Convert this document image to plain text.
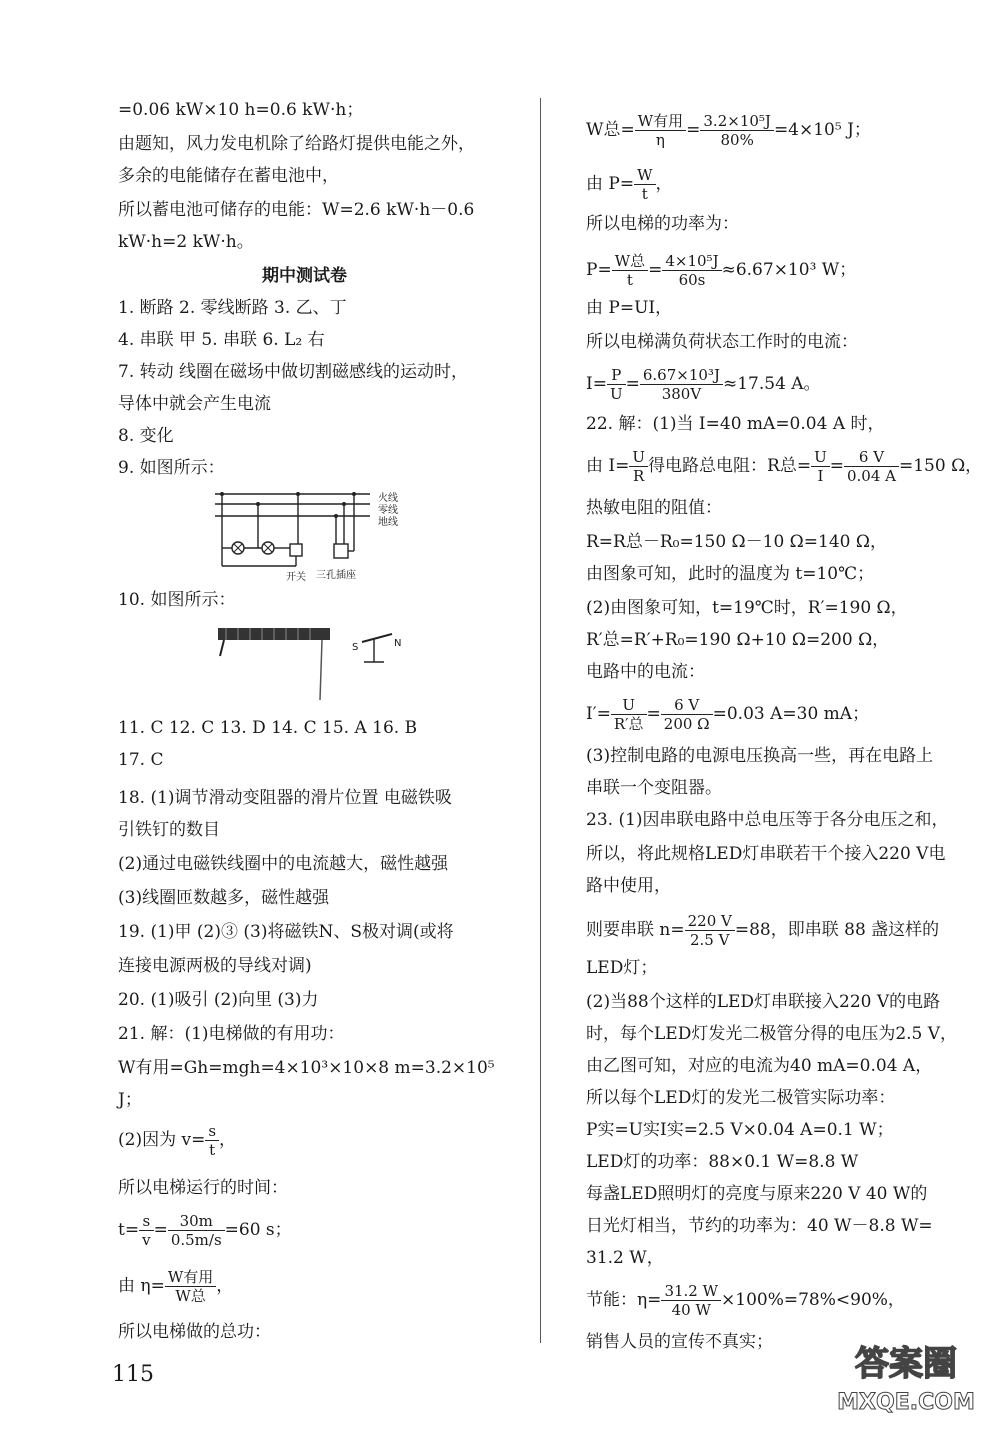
=0.06 kW×10 h=0.6 kW·h；
由题知，风力发电机除了给路灯提供电能之外，
多余的电能储存在蓄电池中，
所以蓄电池可储存的电能：W=2.6 kW·h－0.6
kW·h=2 kW·h。
期中测试卷
1. 断路 2. 零线断路 3. 乙、丁
4. 串联 甲 5. 串联 6. L₂ 右
7. 转动 线圈在磁场中做切割磁感线的运动时，
导体中就会产生电流
8. 变化
9. 如图所示：
火线
零线
地线
开关 三孔插座
10. 如图所示：
S	N
11. C 12. C 13. D 14. C 15. A 16. B
17. C
18. (1)调节滑动变阻器的滑片位置 电磁铁吸
引铁钉的数目
(2)通过电磁铁线圈中的电流越大，磁性越强
(3)线圈匝数越多，磁性越强
19. (1)甲 (2)③ (3)将磁铁N、S极对调(或将
连接电源两极的导线对调)
20. (1)吸引 (2)向里 (3)力
21. 解：(1)电梯做的有用功：
W有用=Gh=mgh=4×10³×10×8 m=3.2×10⁵
J；
(2)因为 $v= \frac{s}{t}$ ，
所以电梯运行的时间：
$t= \frac{s}{v} = \frac{30m}{0.5m/s} =60$ s；
由 $\eta= \frac{\text{W有用}}{\text{W总}}$ ，
所以电梯做的总功：
W总= $\frac{\text{W有用}}{\eta} = \frac{\text{3.2×10⁵J}}{80\%} =4\times 10^5$ J；
由 $P= \frac{W}{t}$ ，
所以电梯的功率为：
$P= \frac{\text{W总}}{t} = \frac{\text{4×10⁵J}}{60s} \approx 6.67\times 10^3$ W；
由 P=UI，
所以电梯满负荷状态工作时的电流：
$I= \frac{P}{U} = \frac{\text{6.67×10³J}}{380V} \approx 17.54$ A。
22. 解：(1)当 I=40 mA=0.04 A 时，
由 $I= \frac{U}{R}$ 得电路总电阻：R总= $\frac{U}{I} = \frac{6 V}{0.04 A} =150$ Ω，
热敏电阻的阻值：
R=R总－R₀=150 Ω－10 Ω=140 Ω，
由图象可知，此时的温度为 t=10℃；
(2)由图象可知，t=19℃时，R′=190 Ω，
R′总=R′+R₀=190 Ω+10 Ω=200 Ω，
电路中的电流：
$I'= \frac{U}{\text{R′总}} = \frac{6 V}{200 \Omega} =0.03$ A=30 mA；
(3)控制电路的电源电压换高一些，再在电路上
串联一个变阻器。
23. (1)因串联电路中总电压等于各分电压之和，
所以，将此规格LED灯串联若干个接入220 V电
路中使用，
则要串联 $n= \frac{220 V}{2.5 V} =88$，即串联 88 盏这样的
LED灯；
(2)当88个这样的LED灯串联接入220 V的电路
时，每个LED灯发光二极管分得的电压为2.5 V，
由乙图可知，对应的电流为40 mA=0.04 A，
所以每个LED灯的发光二极管实际功率：
P实=U实I实=2.5 V×0.04 A=0.1 W；
LED灯的功率：88×0.1 W=8.8 W
每盏LED照明灯的亮度与原来220 V 40 W的
日光灯相当，节约的功率为：40 W－8.8 W=
31.2 W，
节能：$\eta= \frac{31.2 W}{40 W} \times 100\%=78\%<90\%$，
销售人员的宣传不真实；
115	答案圈
MXQE.COM
